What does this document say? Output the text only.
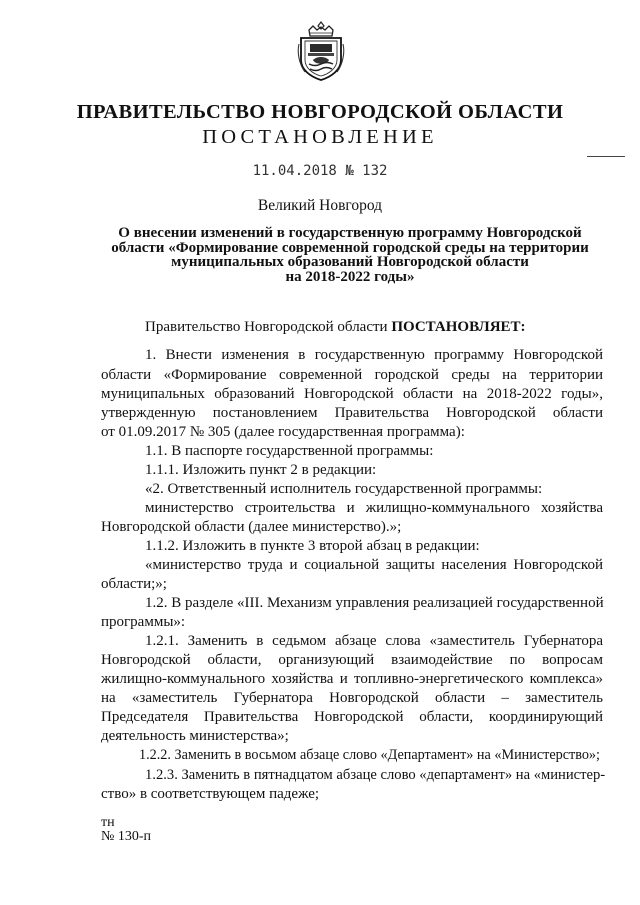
ПРАВИТЕЛЬСТВО НОВГОРОДСКОЙ ОБЛАСТИ
ПОСТАНОВЛЕНИЕ
11.04.2018 № 132
Великий Новгород
О внесении изменений в государственную программу Новгородской
области «Формирование современной городской среды на территории
муниципальных образований Новгородской области
на 2018-2022 годы»
Правительство Новгородской области ПОСТАНОВЛЯЕТ:
1. Внести изменения в государственную программу Новгородской
области «Формирование современной городской среды на территории
муниципальных образований Новгородской области на 2018-2022 годы»,
утвержденную постановлением Правительства Новгородской области
от 01.09.2017 № 305 (далее государственная программа):
1.1. В паспорте государственной программы:
1.1.1. Изложить пункт 2 в редакции:
«2. Ответственный исполнитель государственной программы:
министерство строительства и жилищно-коммунального хозяйства
Новгородской области (далее министерство).»;
1.1.2. Изложить в пункте 3 второй абзац в редакции:
«министерство труда и социальной защиты населения Новгородской
области;»;
1.2. В разделе «III. Механизм управления реализацией государственной
программы»:
1.2.1. Заменить в седьмом абзаце слова «заместитель Губернатора
Новгородской области, организующий взаимодействие по вопросам
жилищно-коммунального хозяйства и топливно-энергетического комплекса»
на «заместитель Губернатора Новгородской области – заместитель
Председателя Правительства Новгородской области, координирующий
деятельность министерства»;
1.2.2. Заменить в восьмом абзаце слово «Департамент» на «Министерство»;
1.2.3. Заменить в пятнадцатом абзаце слово «департамент» на «министер-
ство» в соответствующем падеже;
тн
№ 130-п
